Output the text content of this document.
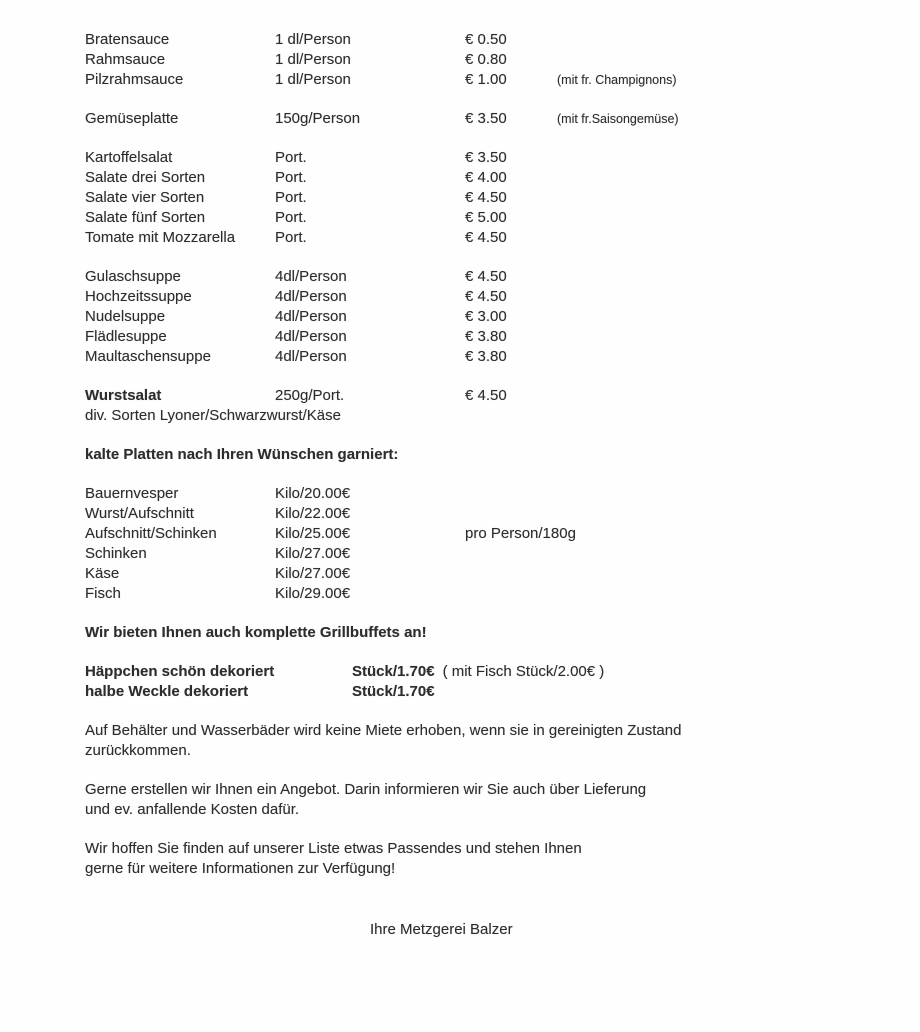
Bratensauce	1 dl/Person	€ 0.50
Rahmsauce	1 dl/Person	€ 0.80
Pilzrahmsauce	1 dl/Person	€ 1.00	(mit fr. Champignons)
Gemüseplatte	150g/Person	€ 3.50	(mit fr.Saisongemüse)
Kartoffelsalat	Port.	€ 3.50
Salate drei Sorten	Port.	€ 4.00
Salate vier Sorten	Port.	€ 4.50
Salate fünf Sorten	Port.	€ 5.00
Tomate mit Mozzarella	Port.	€ 4.50
Gulaschsuppe	4dl/Person	€ 4.50
Hochzeitssuppe	4dl/Person	€ 4.50
Nudelsuppe	4dl/Person	€ 3.00
Flädlesuppe	4dl/Person	€ 3.80
Maultaschensuppe	4dl/Person	€ 3.80
Wurstsalat	250g/Port.	€ 4.50
div. Sorten Lyoner/Schwarzwurst/Käse
kalte Platten nach Ihren Wünschen garniert:
Bauernvesper	Kilo/20.00€
Wurst/Aufschnitt	Kilo/22.00€
Aufschnitt/Schinken	Kilo/25.00€	pro Person/180g
Schinken	Kilo/27.00€
Käse	Kilo/27.00€
Fisch	Kilo/29.00€
Wir bieten Ihnen auch komplette Grillbuffets an!
Häppchen schön dekoriert	Stück/1.70€ ( mit Fisch Stück/2.00€ )
halbe Weckle dekoriert	Stück/1.70€
Auf Behälter und Wasserbäder wird keine Miete erhoben, wenn sie in gereinigten Zustand
zurückkommen.
Gerne erstellen wir Ihnen ein Angebot. Darin informieren wir Sie auch über Lieferung
und ev. anfallende Kosten dafür.
Wir hoffen Sie finden auf unserer Liste etwas Passendes und stehen Ihnen
gerne für weitere Informationen zur Verfügung!
Ihre Metzgerei Balzer
